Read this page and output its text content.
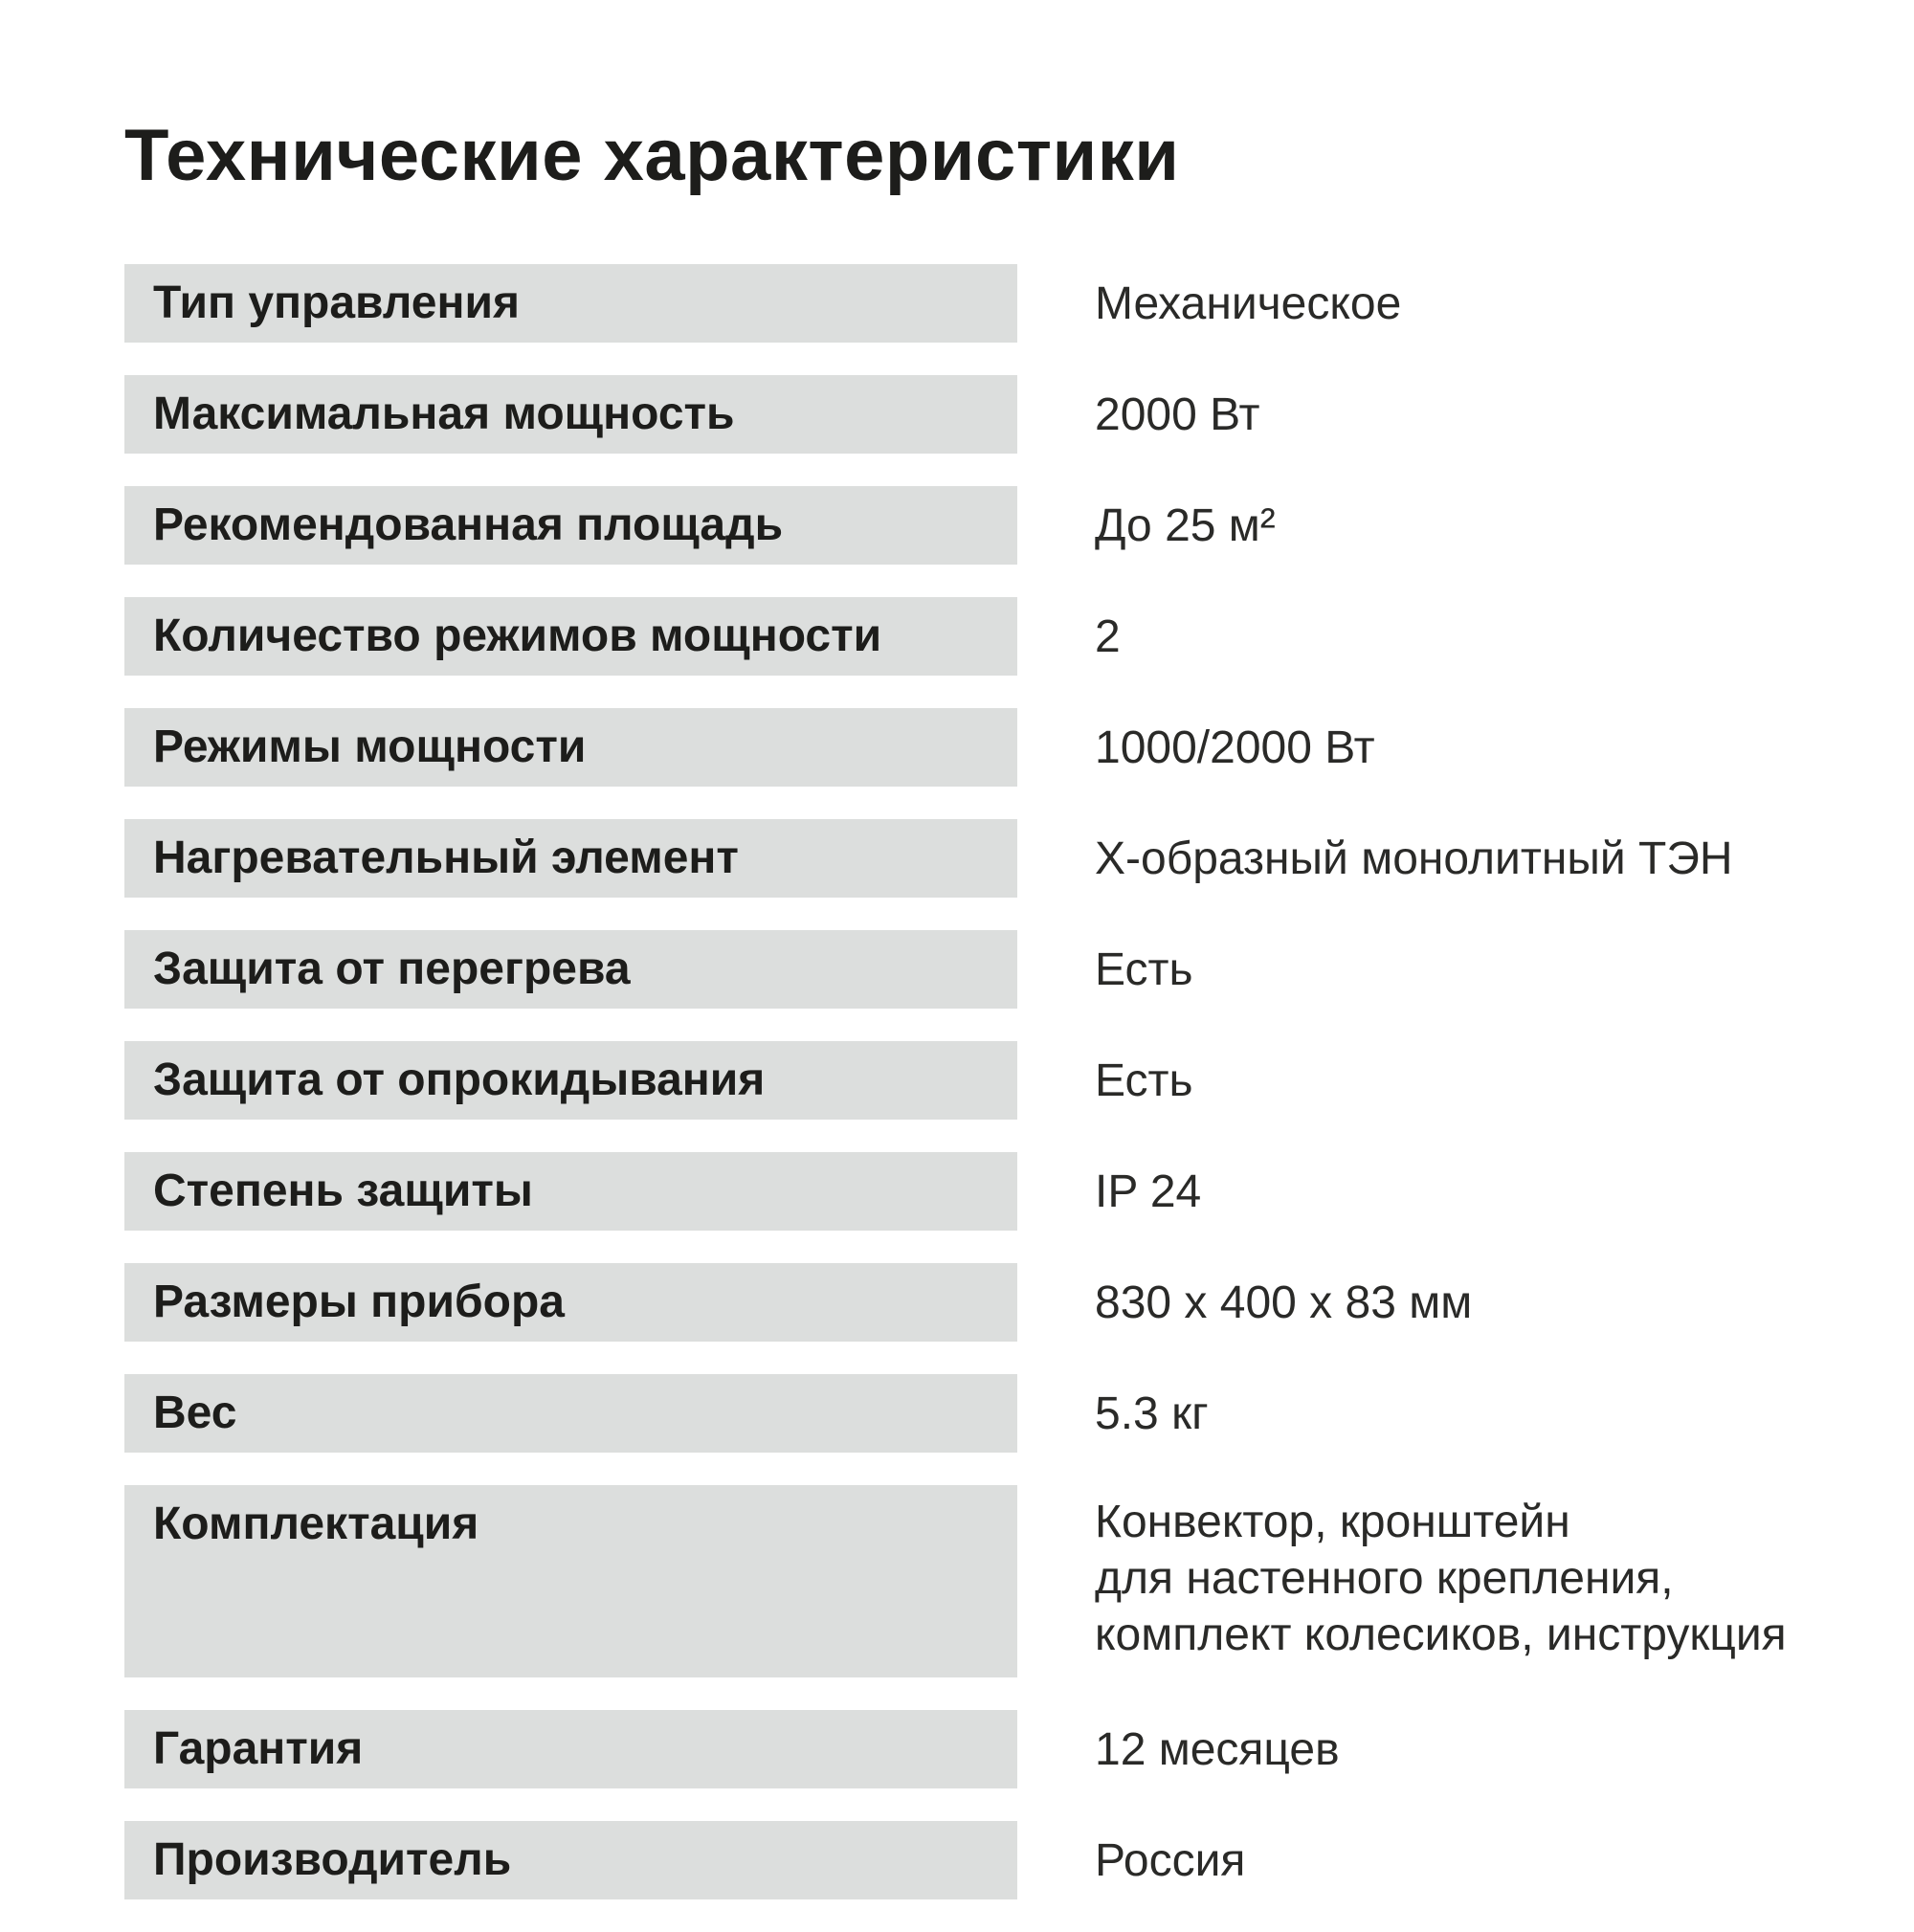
Технические характеристики
Тип управления	Механическое
Максимальная мощность	2000 Вт
Рекомендованная площадь	До 25 м²
Количество режимов мощности	2
Режимы мощности	1000/2000 Вт
Нагревательный элемент	Х-образный монолитный ТЭН
Защита от перегрева	Есть
Защита от опрокидывания	Есть
Степень защиты	IP 24
Размеры прибора	830 х 400 х 83 мм
Вес	5.3 кг
Комплектация	Конвектор, кронштейн
для настенного крепления,
комплект колесиков, инструкция
Гарантия	12 месяцев
Производитель	Россия
